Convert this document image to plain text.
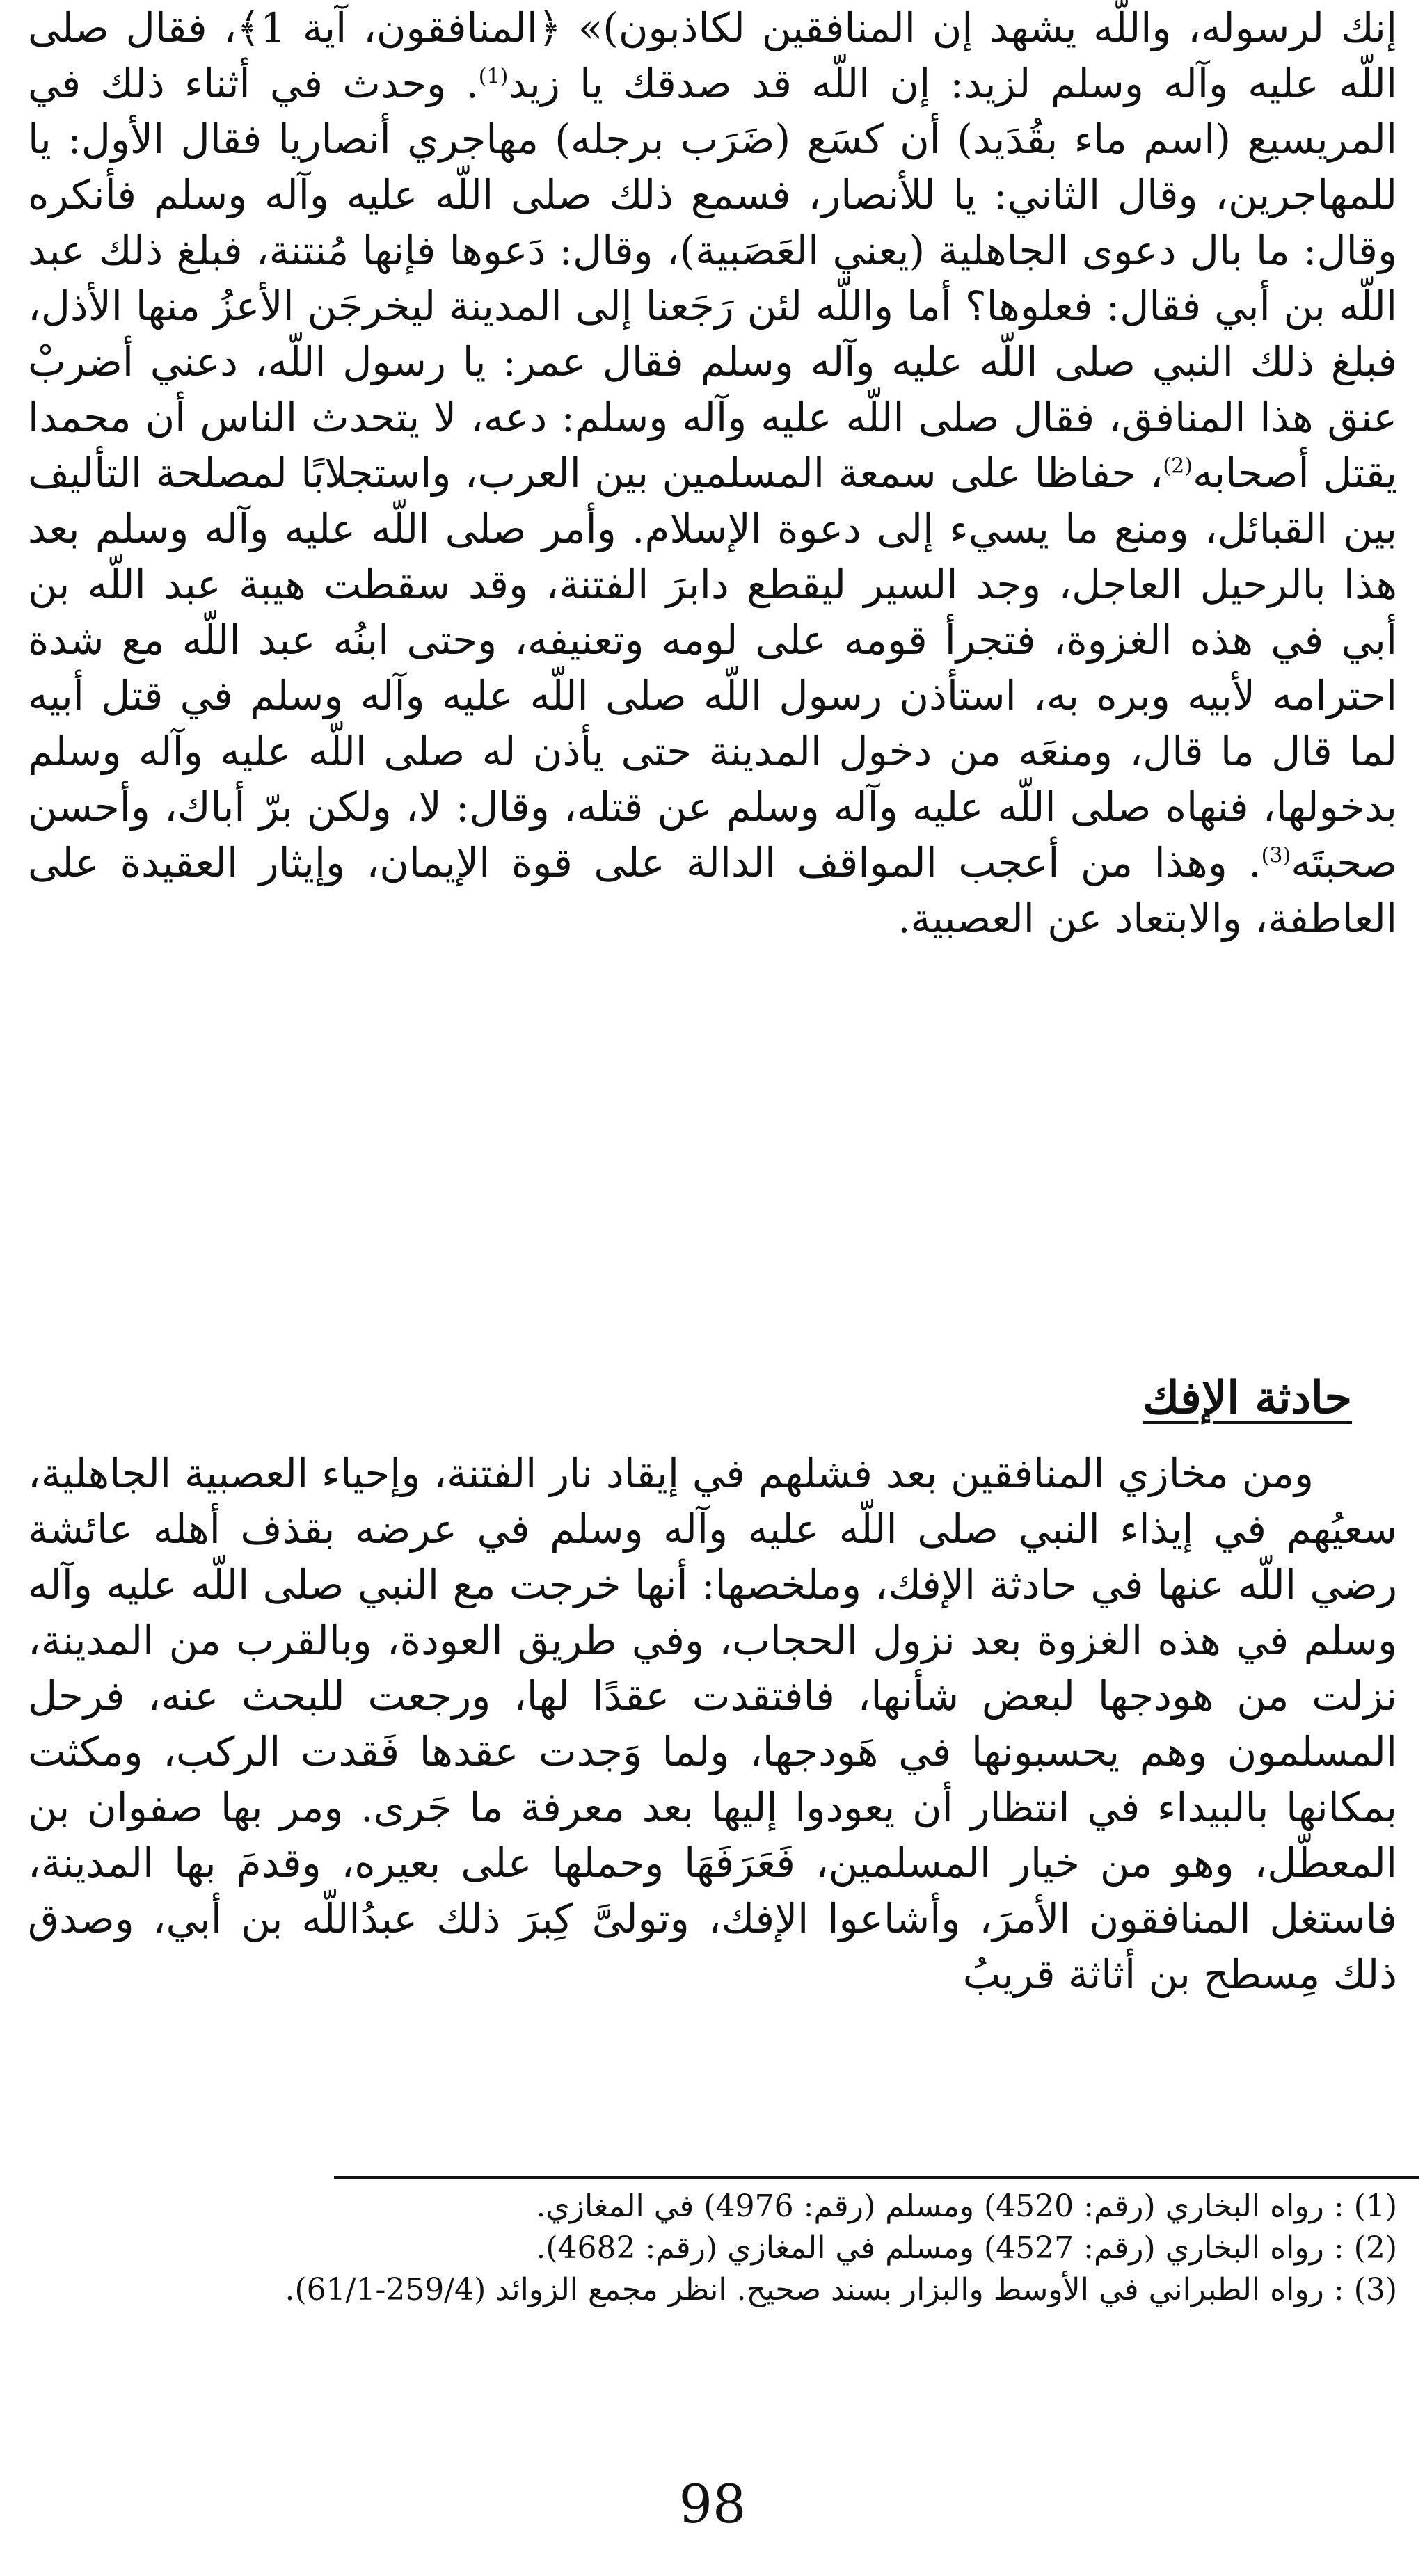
إنك لرسوله، واللّه يشهد إن المنافقين لكاذبون)» ﴿المنافقون، آية 1﴾، فقال صلى اللّه عليه وآله وسلم لزيد: إن اللّه قد صدقك يا زيد$^{(1)}$. وحدث في أثناء ذلك في المريسيع (اسم ماء بقُدَيد) أن كسَع (ضَرَب برجله) مهاجري أنصاريا فقال الأول: يا للمهاجرين، وقال الثاني: يا للأنصار، فسمع ذلك صلى اللّه عليه وآله وسلم فأنكره وقال: ما بال دعوى الجاهلية (يعني العَصَبية)، وقال: دَعوها فإنها مُنتنة، فبلغ ذلك عبد اللّه بن أبي فقال: فعلوها؟ أما واللّه لئن رَجَعنا إلى المدينة ليخرجَن الأعزُ منها الأذل، فبلغ ذلك النبي صلى اللّه عليه وآله وسلم فقال عمر: يا رسول اللّه، دعني أضربْ عنق هذا المنافق، فقال صلى اللّه عليه وآله وسلم: دعه، لا يتحدث الناس أن محمدا يقتل أصحابه$^{(2)}$، حفاظا على سمعة المسلمين بين العرب، واستجلابًا لمصلحة التأليف بين القبائل، ومنع ما يسيء إلى دعوة الإسلام. وأمر صلى اللّه عليه وآله وسلم بعد هذا بالرحيل العاجل، وجد السير ليقطع دابرَ الفتنة، وقد سقطت هيبة عبد اللّه بن أبي في هذه الغزوة، فتجرأ قومه على لومه وتعنيفه، وحتى ابنُه عبد اللّه مع شدة احترامه لأبيه وبره به، استأذن رسول اللّه صلى اللّه عليه وآله وسلم في قتل أبيه لما قال ما قال، ومنعَه من دخول المدينة حتى يأذن له صلى اللّه عليه وآله وسلم بدخولها، فنهاه صلى اللّه عليه وآله وسلم عن قتله، وقال: لا، ولكن برّ أباك، وأحسن صحبتَه$^{(3)}$. وهذا من أعجب المواقف الدالة على قوة الإيمان، وإيثار العقيدة على العاطفة، والابتعاد عن العصبية.
حادثة الإفك
ومن مخازي المنافقين بعد فشلهم في إيقاد نار الفتنة، وإحياء العصبية الجاهلية، سعيُهم في إيذاء النبي صلى اللّه عليه وآله وسلم في عرضه بقذف أهله عائشة رضي اللّه عنها في حادثة الإفك، وملخصها: أنها خرجت مع النبي صلى اللّه عليه وآله وسلم في هذه الغزوة بعد نزول الحجاب، وفي طريق العودة، وبالقرب من المدينة، نزلت من هودجها لبعض شأنها، فافتقدت عقدًا لها، ورجعت للبحث عنه، فرحل المسلمون وهم يحسبونها في هَودجها، ولما وَجدت عقدها فَقدت الركب، ومكثت بمكانها بالبيداء في انتظار أن يعودوا إليها بعد معرفة ما جَرى. ومر بها صفوان بن المعطّل، وهو من خيار المسلمين، فَعَرَفَهَا وحملها على بعيره، وقدمَ بها المدينة، فاستغل المنافقون الأمرَ، وأشاعوا الإفك، وتولىَّ كِبرَ ذلك عبدُاللّه بن أبي، وصدق ذلك مِسطح بن أثاثة قريبُ
(1) : رواه البخاري (رقم: 4520) ومسلم (رقم: 4976) في المغازي.
(2) : رواه البخاري (رقم: 4527) ومسلم في المغازي (رقم: 4682).
(3) : رواه الطبراني في الأوسط والبزار بسند صحيح. انظر مجمع الزوائد (259/4-61/1).
98
